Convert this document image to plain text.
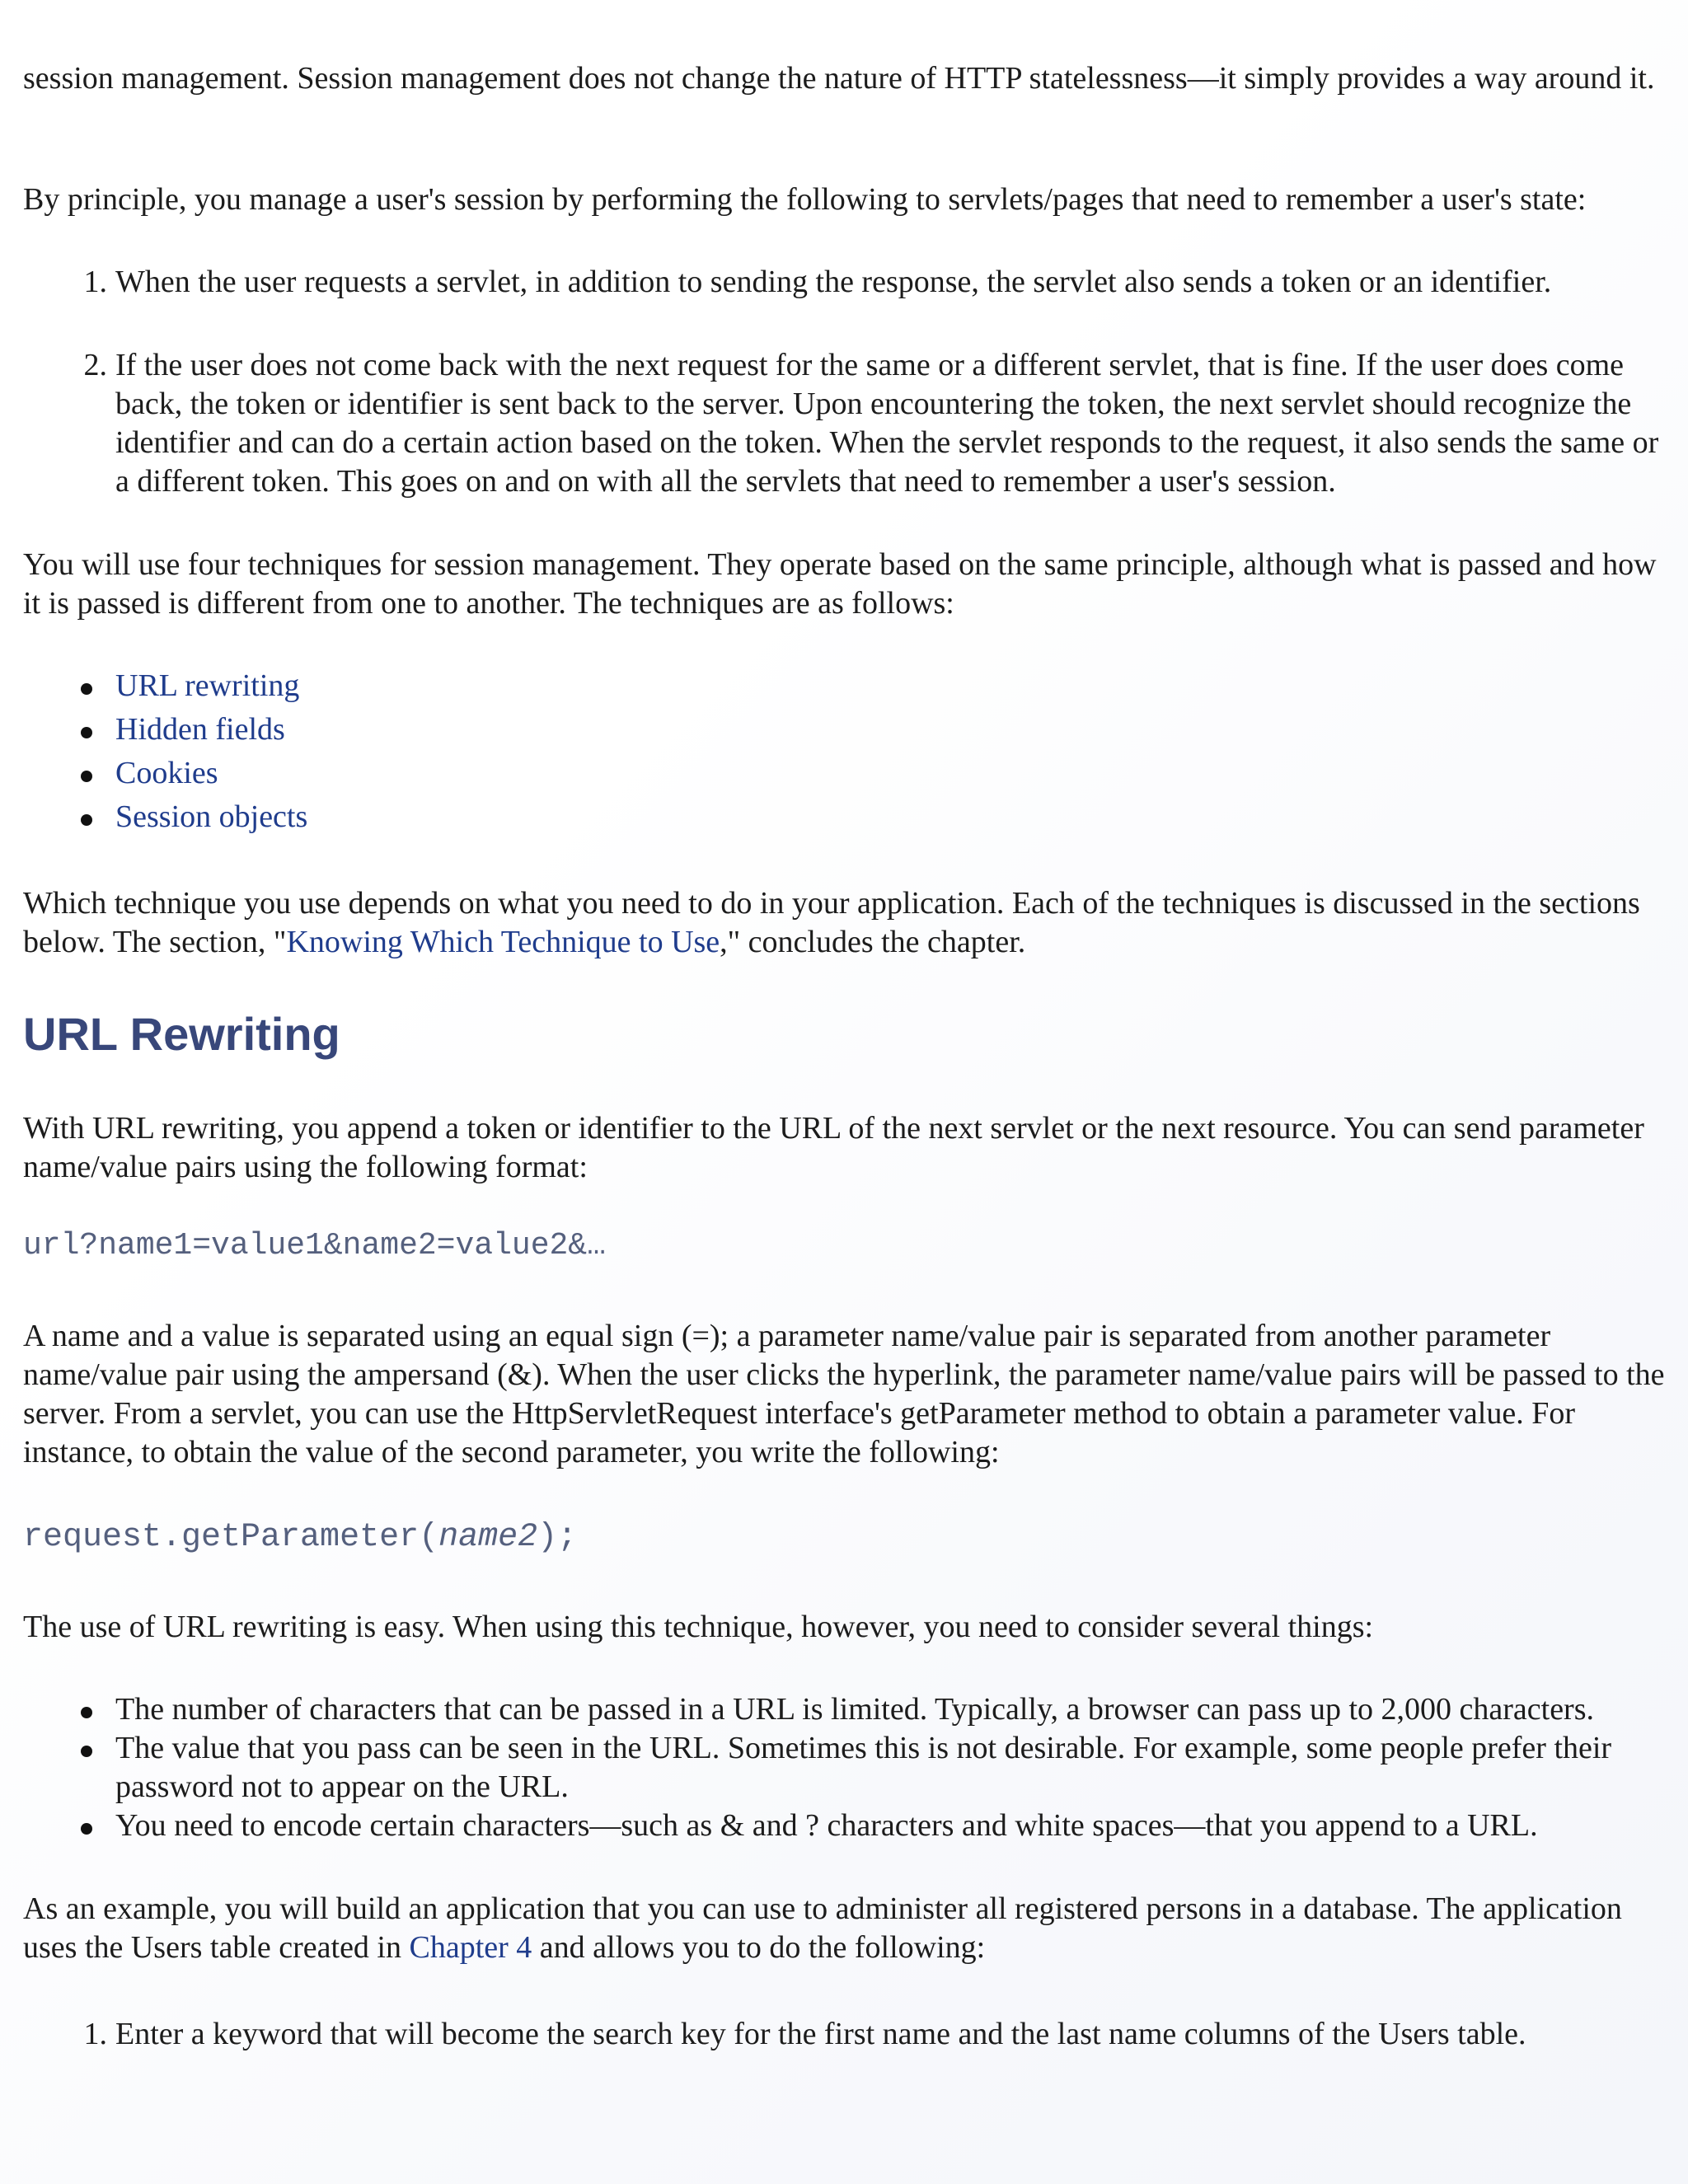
session management. Session management does not change the nature of HTTP statelessness—it simply provides a way around it.

By principle, you manage a user's session by performing the following to servlets/pages that need to remember a user's state:

1. When the user requests a servlet, in addition to sending the response, the servlet also sends a token or an identifier.
2. If the user does not come back with the next request for the same or a different servlet, that is fine. If the user does come back, the token or identifier is sent back to the server. Upon encountering the token, the next servlet should recognize the identifier and can do a certain action based on the token. When the servlet responds to the request, it also sends the same or a different token. This goes on and on with all the servlets that need to remember a user's session.

You will use four techniques for session management. They operate based on the same principle, although what is passed and how it is passed is different from one to another. The techniques are as follows:

URL rewriting
Hidden fields
Cookies
Session objects

Which technique you use depends on what you need to do in your application. Each of the techniques is discussed in the sections below. The section, "Knowing Which Technique to Use," concludes the chapter.

URL Rewriting

With URL rewriting, you append a token or identifier to the URL of the next servlet or the next resource. You can send parameter name/value pairs using the following format:

url?name1=value1&name2=value2&…

A name and a value is separated using an equal sign (=); a parameter name/value pair is separated from another parameter name/value pair using the ampersand (&). When the user clicks the hyperlink, the parameter name/value pairs will be passed to the server. From a servlet, you can use the HttpServletRequest interface's getParameter method to obtain a parameter value. For instance, to obtain the value of the second parameter, you write the following:

request.getParameter(name2);

The use of URL rewriting is easy. When using this technique, however, you need to consider several things:

The number of characters that can be passed in a URL is limited. Typically, a browser can pass up to 2,000 characters.
The value that you pass can be seen in the URL. Sometimes this is not desirable. For example, some people prefer their password not to appear on the URL.
You need to encode certain characters—such as & and ? characters and white spaces—that you append to a URL.

As an example, you will build an application that you can use to administer all registered persons in a database. The application uses the Users table created in Chapter 4 and allows you to do the following:

1. Enter a keyword that will become the search key for the first name and the last name columns of the Users table.
